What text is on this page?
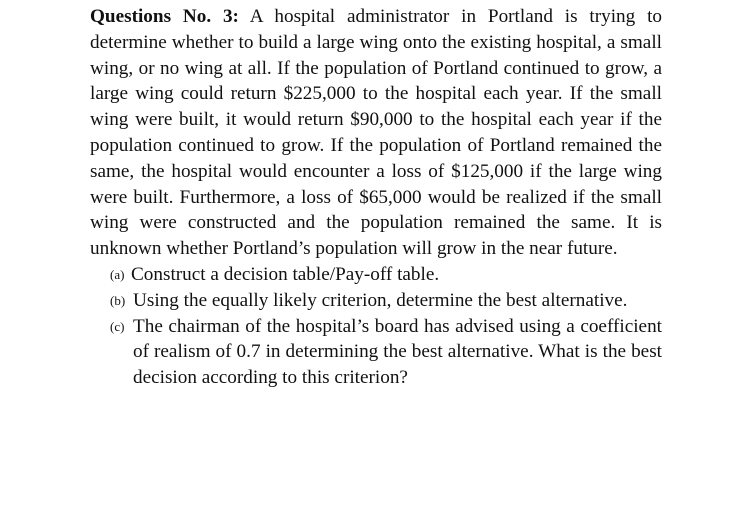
Questions No. 3: A hospital administrator in Portland is trying to determine whether to build a large wing onto the existing hospital, a small wing, or no wing at all. If the population of Portland continued to grow, a large wing could return $225,000 to the hospital each year. If the small wing were built, it would return $90,000 to the hospital each year if the population continued to grow. If the population of Portland remained the same, the hospital would encounter a loss of $125,000 if the large wing were built. Furthermore, a loss of $65,000 would be realized if the small wing were constructed and the population remained the same. It is unknown whether Portland’s population will grow in the near future.

(a) Construct a decision table/Pay-off table.
(b) Using the equally likely criterion, determine the best alternative.
(c) The chairman of the hospital’s board has advised using a coefficient of realism of 0.7 in determining the best alternative. What is the best decision according to this criterion?
